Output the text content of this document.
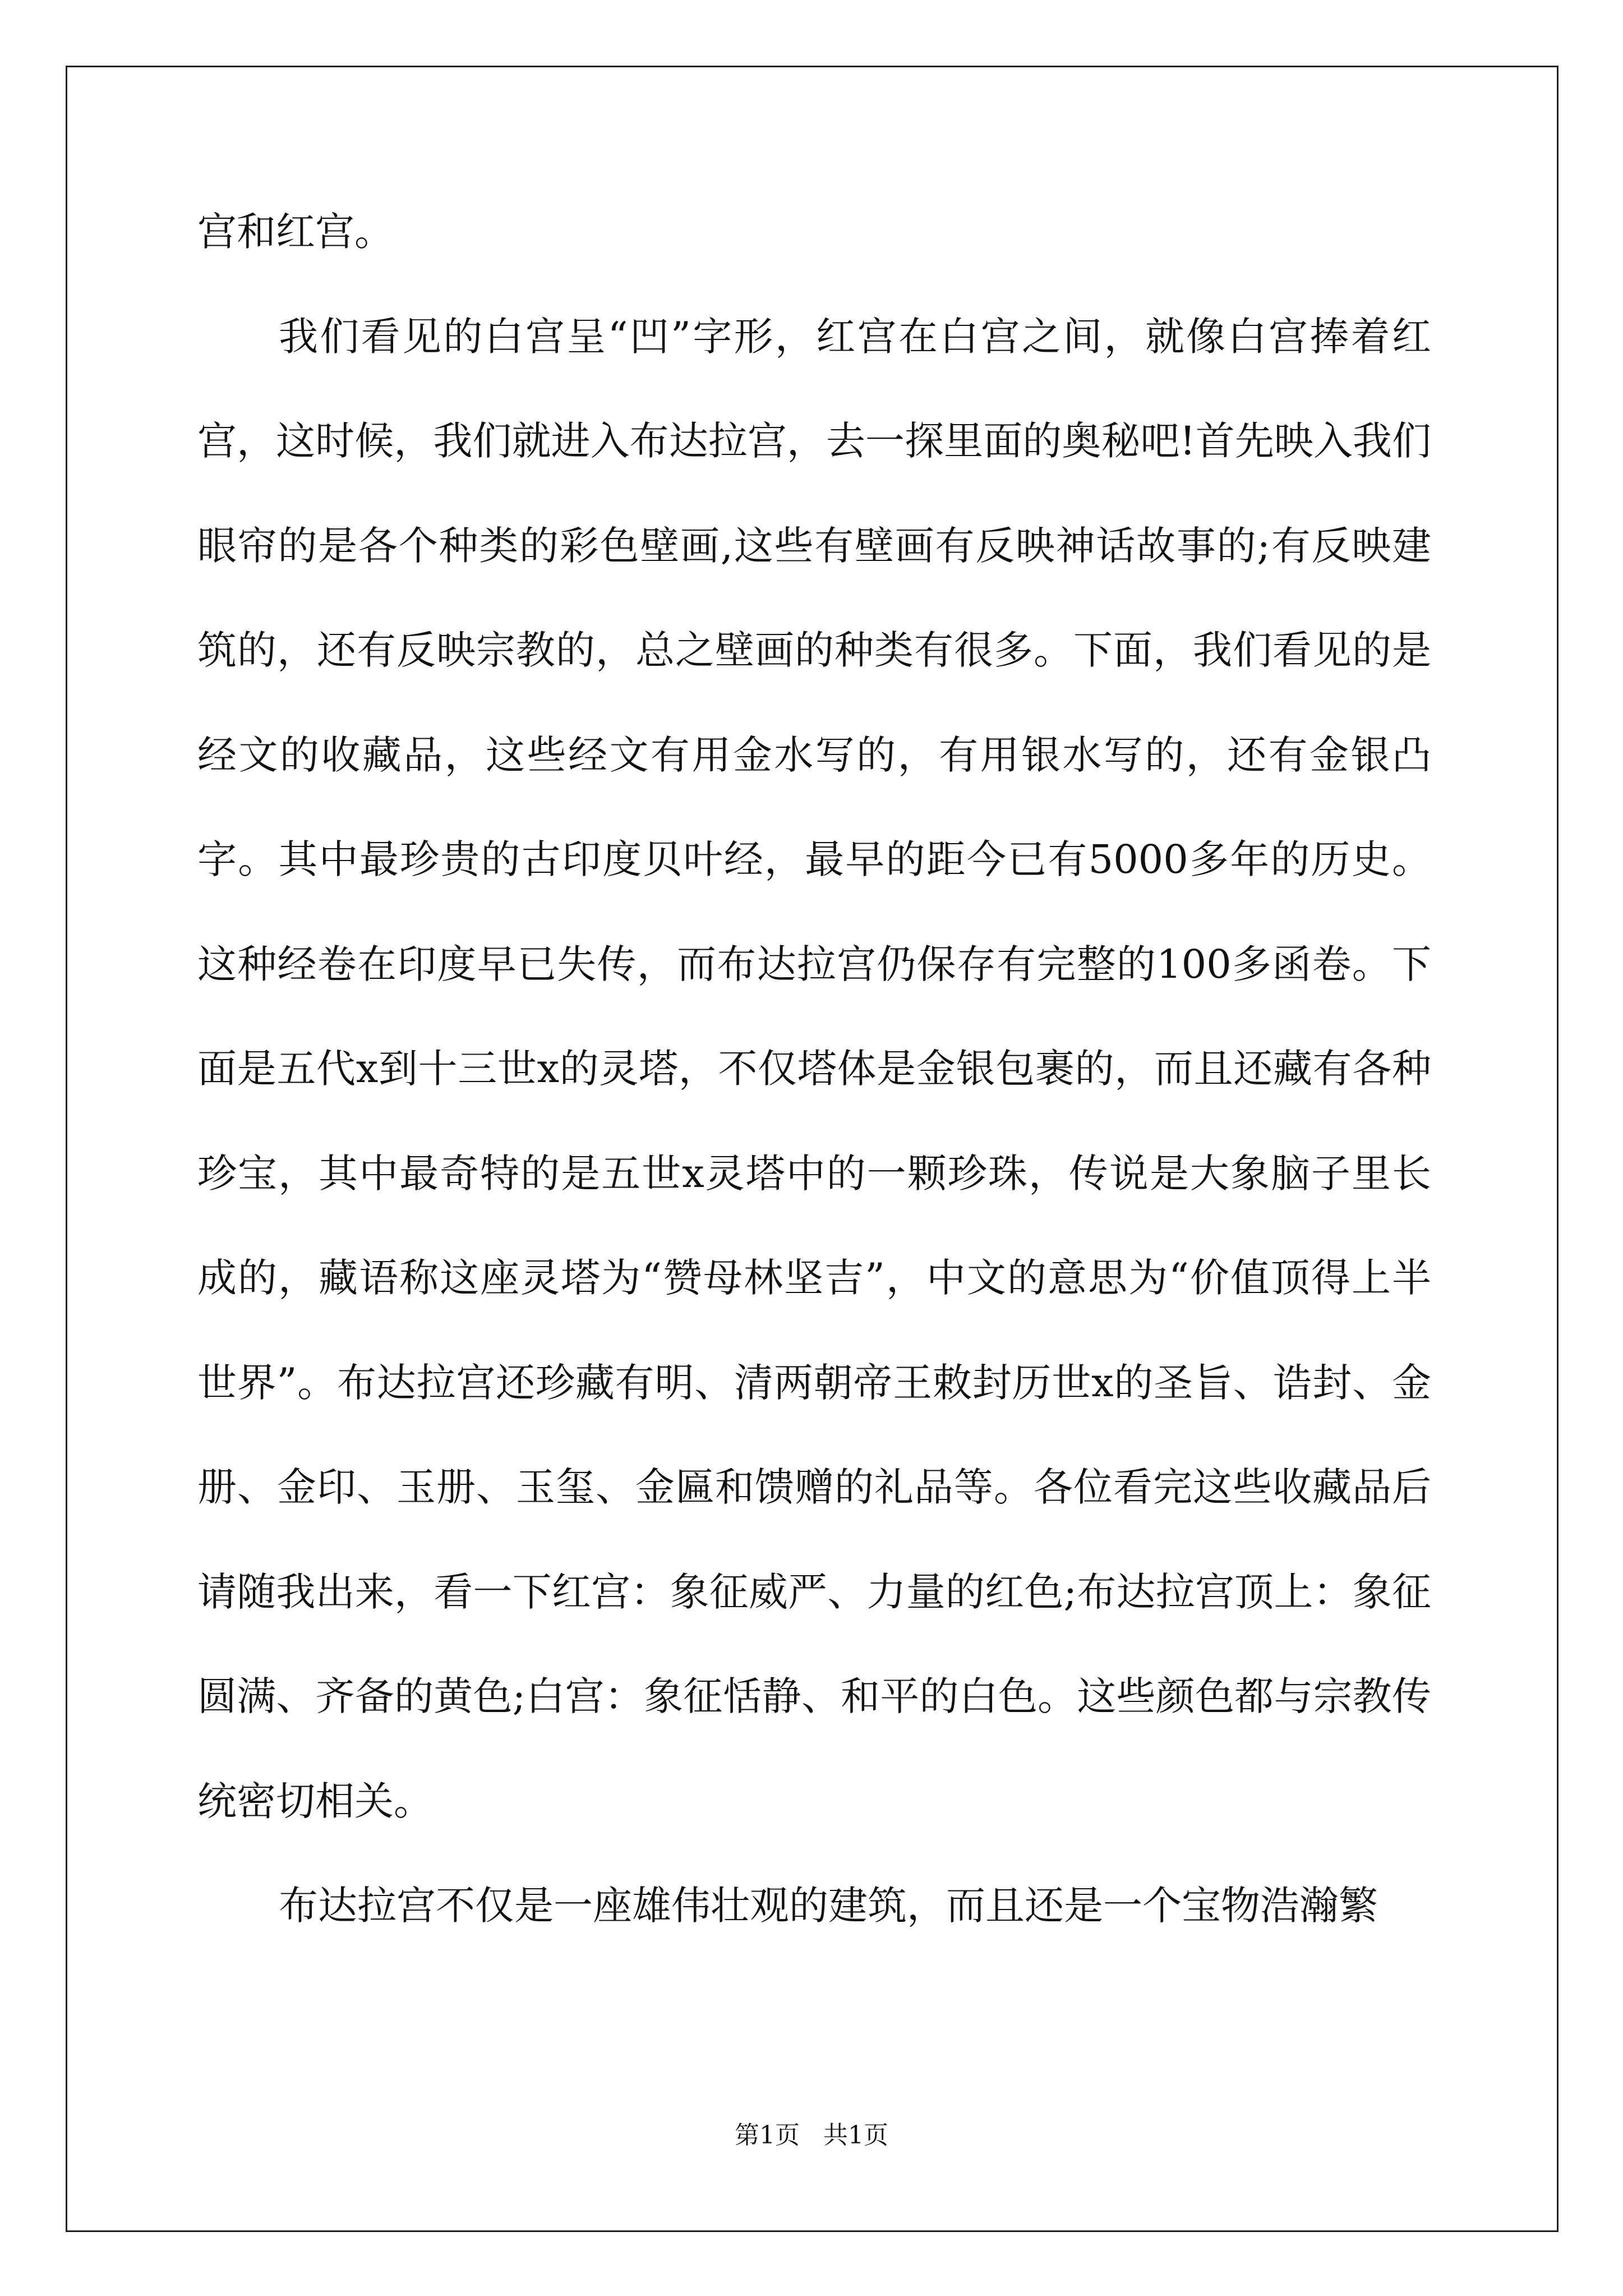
宫和红宫。

我们看见的白宫呈“凹”字形，红宫在白宫之间，就像白宫捧着红宫，这时候，我们就进入布达拉宫，去一探里面的奥秘吧!首先映入我们眼帘的是各个种类的彩色壁画,这些有壁画有反映神话故事的;有反映建筑的，还有反映宗教的，总之壁画的种类有很多。下面，我们看见的是经文的收藏品，这些经文有用金水写的，有用银水写的，还有金银凸字。其中最珍贵的古印度贝叶经，最早的距今已有5000多年的历史。这种经卷在印度早已失传，而布达拉宫仍保存有完整的100多函卷。下面是五代x到十三世x的灵塔，不仅塔体是金银包裹的，而且还藏有各种珍宝，其中最奇特的是五世x灵塔中的一颗珍珠，传说是大象脑子里长成的，藏语称这座灵塔为“赞母林坚吉”，中文的意思为“价值顶得上半世界”。布达拉宫还珍藏有明、清两朝帝王敕封历世x的圣旨、诰封、金册、金印、玉册、玉玺、金匾和馈赠的礼品等。各位看完这些收藏品后请随我出来，看一下红宫：象征威严、力量的红色;布达拉宫顶上：象征圆满、齐备的黄色;白宫：象征恬静、和平的白色。这些颜色都与宗教传统密切相关。

布达拉宫不仅是一座雄伟壮观的建筑，而且还是一个宝物浩瀚繁

第1页 共1页
